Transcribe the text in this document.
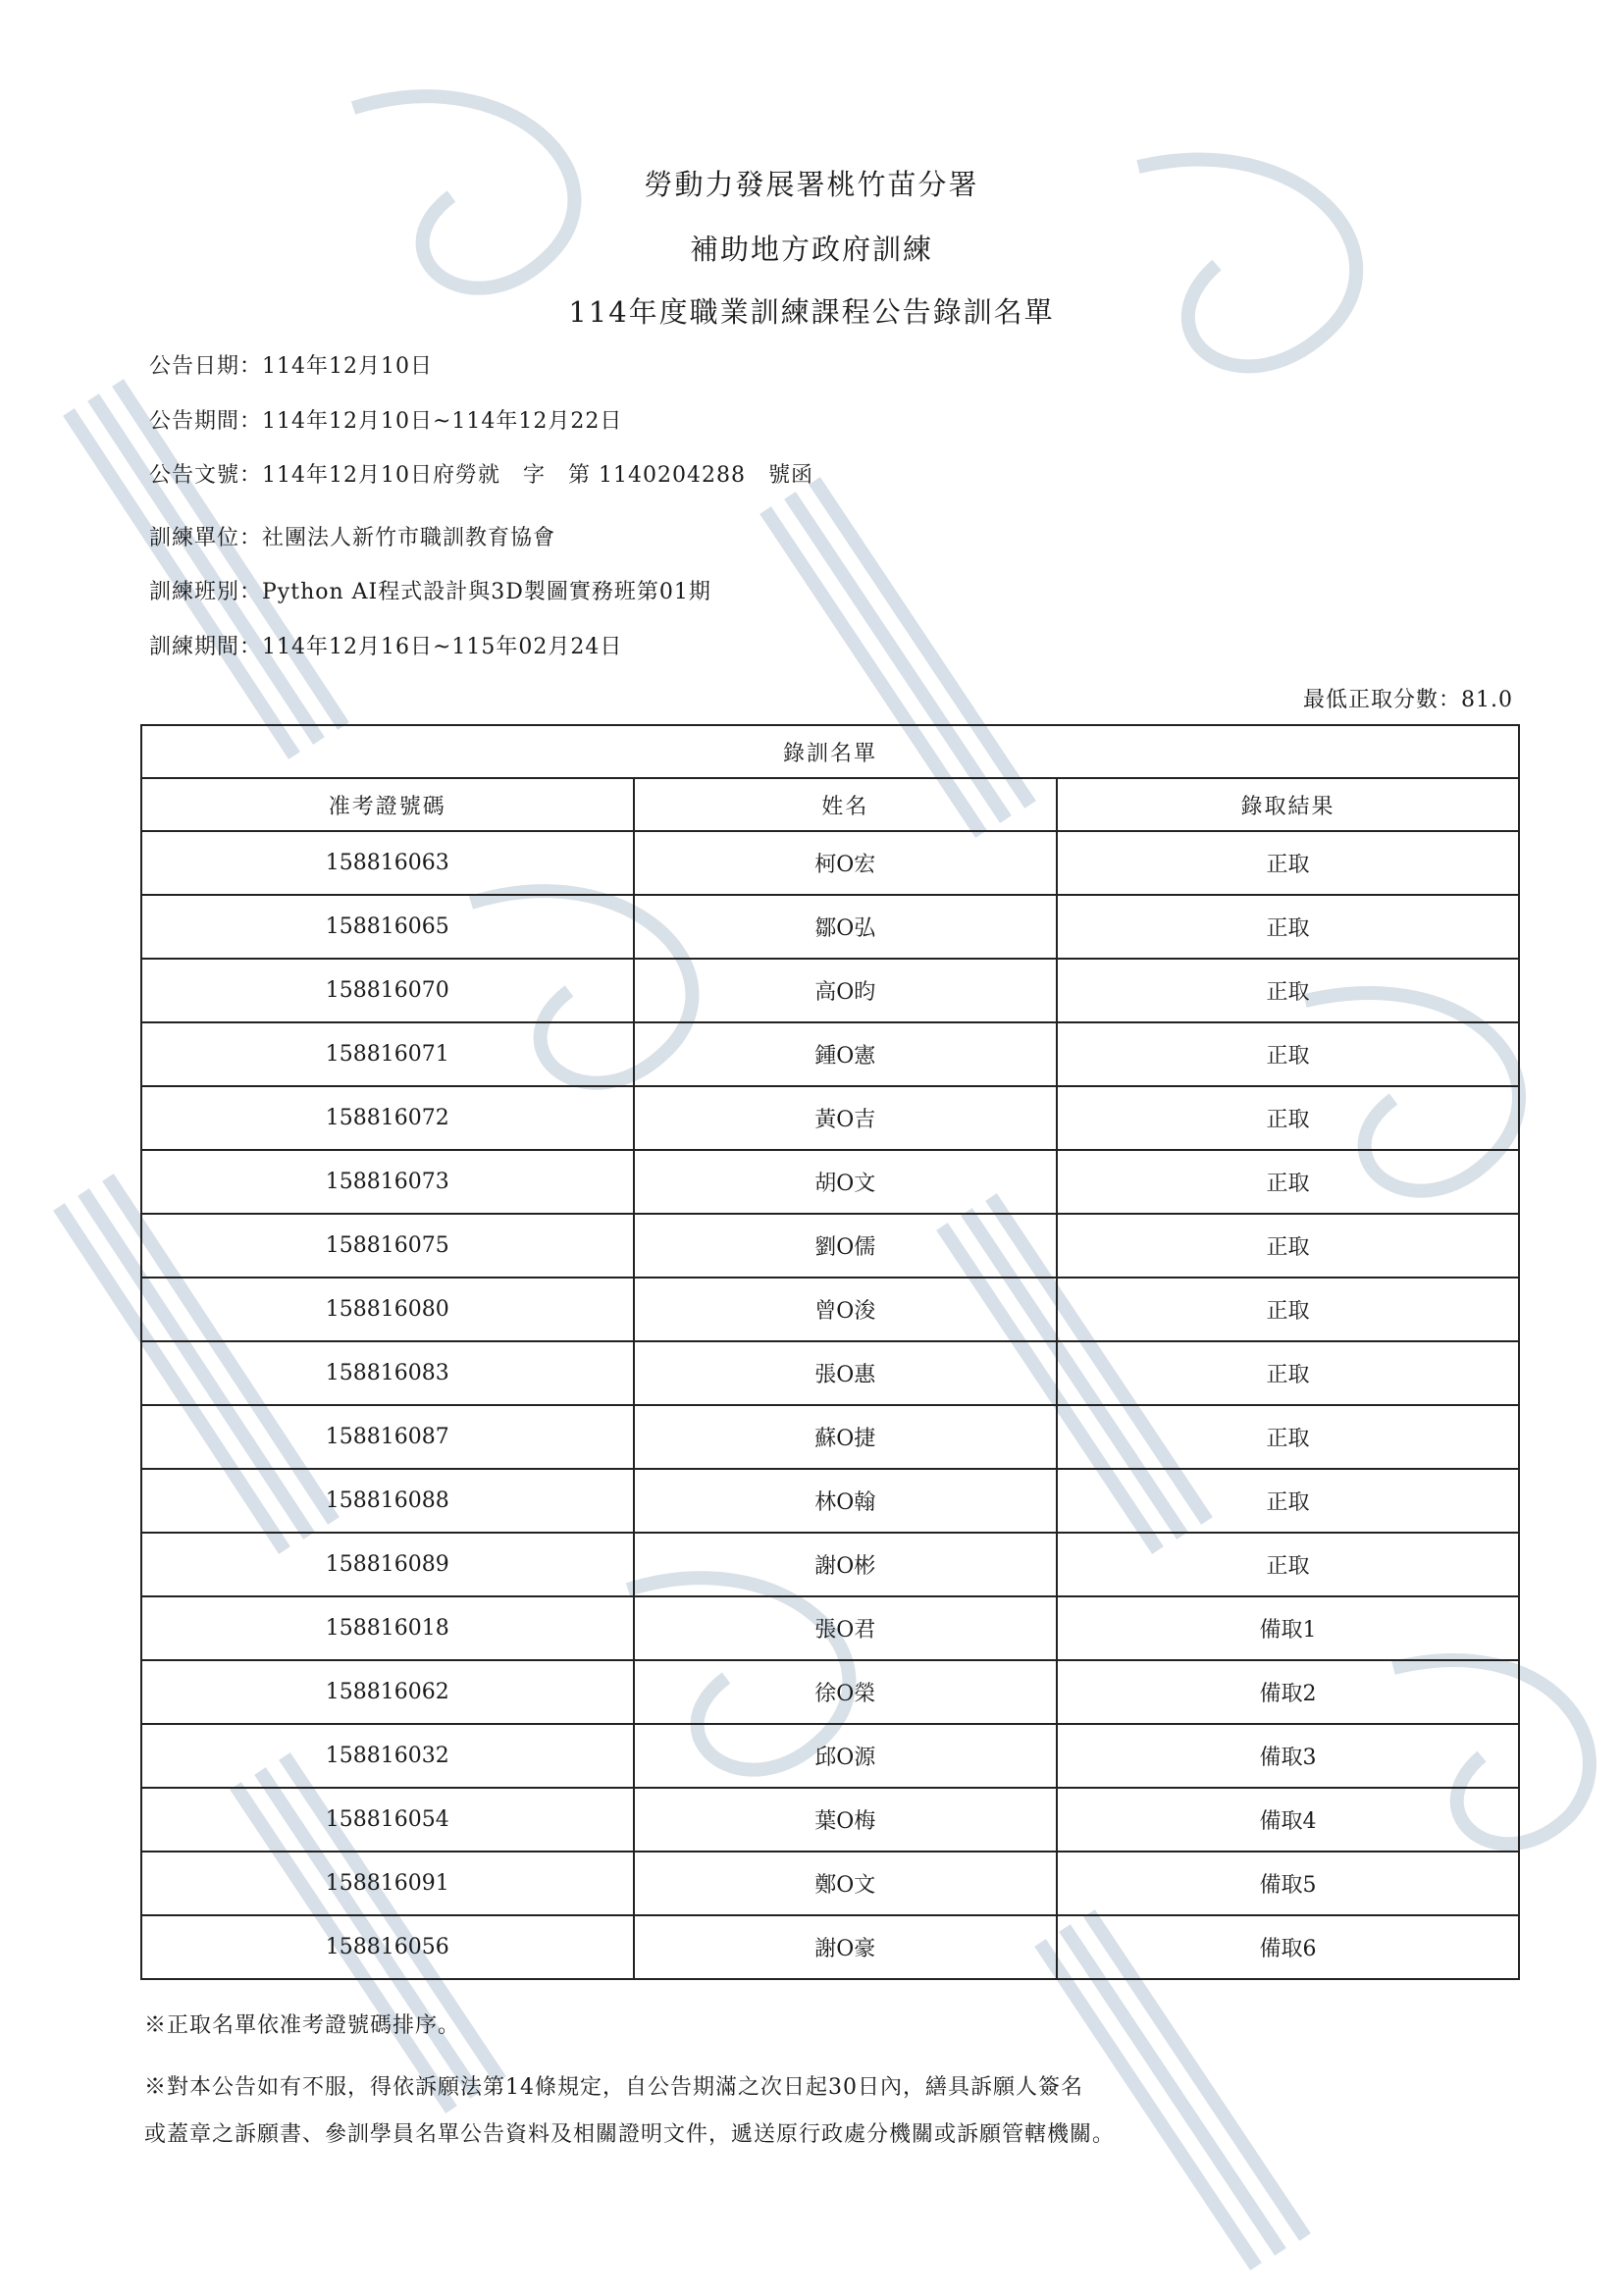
勞動力發展署桃竹苗分署
補助地方政府訓練
114年度職業訓練課程公告錄訓名單
公告日期：114年12月10日
公告期間：114年12月10日~114年12月22日
公告文號：114年12月10日府勞就　字　第 1140204288　號函
訓練單位：社團法人新竹市職訓教育協會
訓練班別：Python AI程式設計與3D製圖實務班第01期
訓練期間：114年12月16日~115年02月24日
最低正取分數：81.0
錄訓名單		
准考證號碼	姓名	錄取結果
158816063	柯O宏	正取
158816065	鄒O弘	正取
158816070	高O昀	正取
158816071	鍾O憲	正取
158816072	黃O吉	正取
158816073	胡O文	正取
158816075	劉O儒	正取
158816080	曾O浚	正取
158816083	張O惠	正取
158816087	蘇O捷	正取
158816088	林O翰	正取
158816089	謝O彬	正取
158816018	張O君	備取1
158816062	徐O榮	備取2
158816032	邱O源	備取3
158816054	葉O梅	備取4
158816091	鄭O文	備取5
158816056	謝O豪	備取6
※正取名單依准考證號碼排序。
※對本公告如有不服，得依訴願法第14條規定，自公告期滿之次日起30日內，繕具訴願人簽名
或蓋章之訴願書、參訓學員名單公告資料及相關證明文件，遞送原行政處分機關或訴願管轄機關。
